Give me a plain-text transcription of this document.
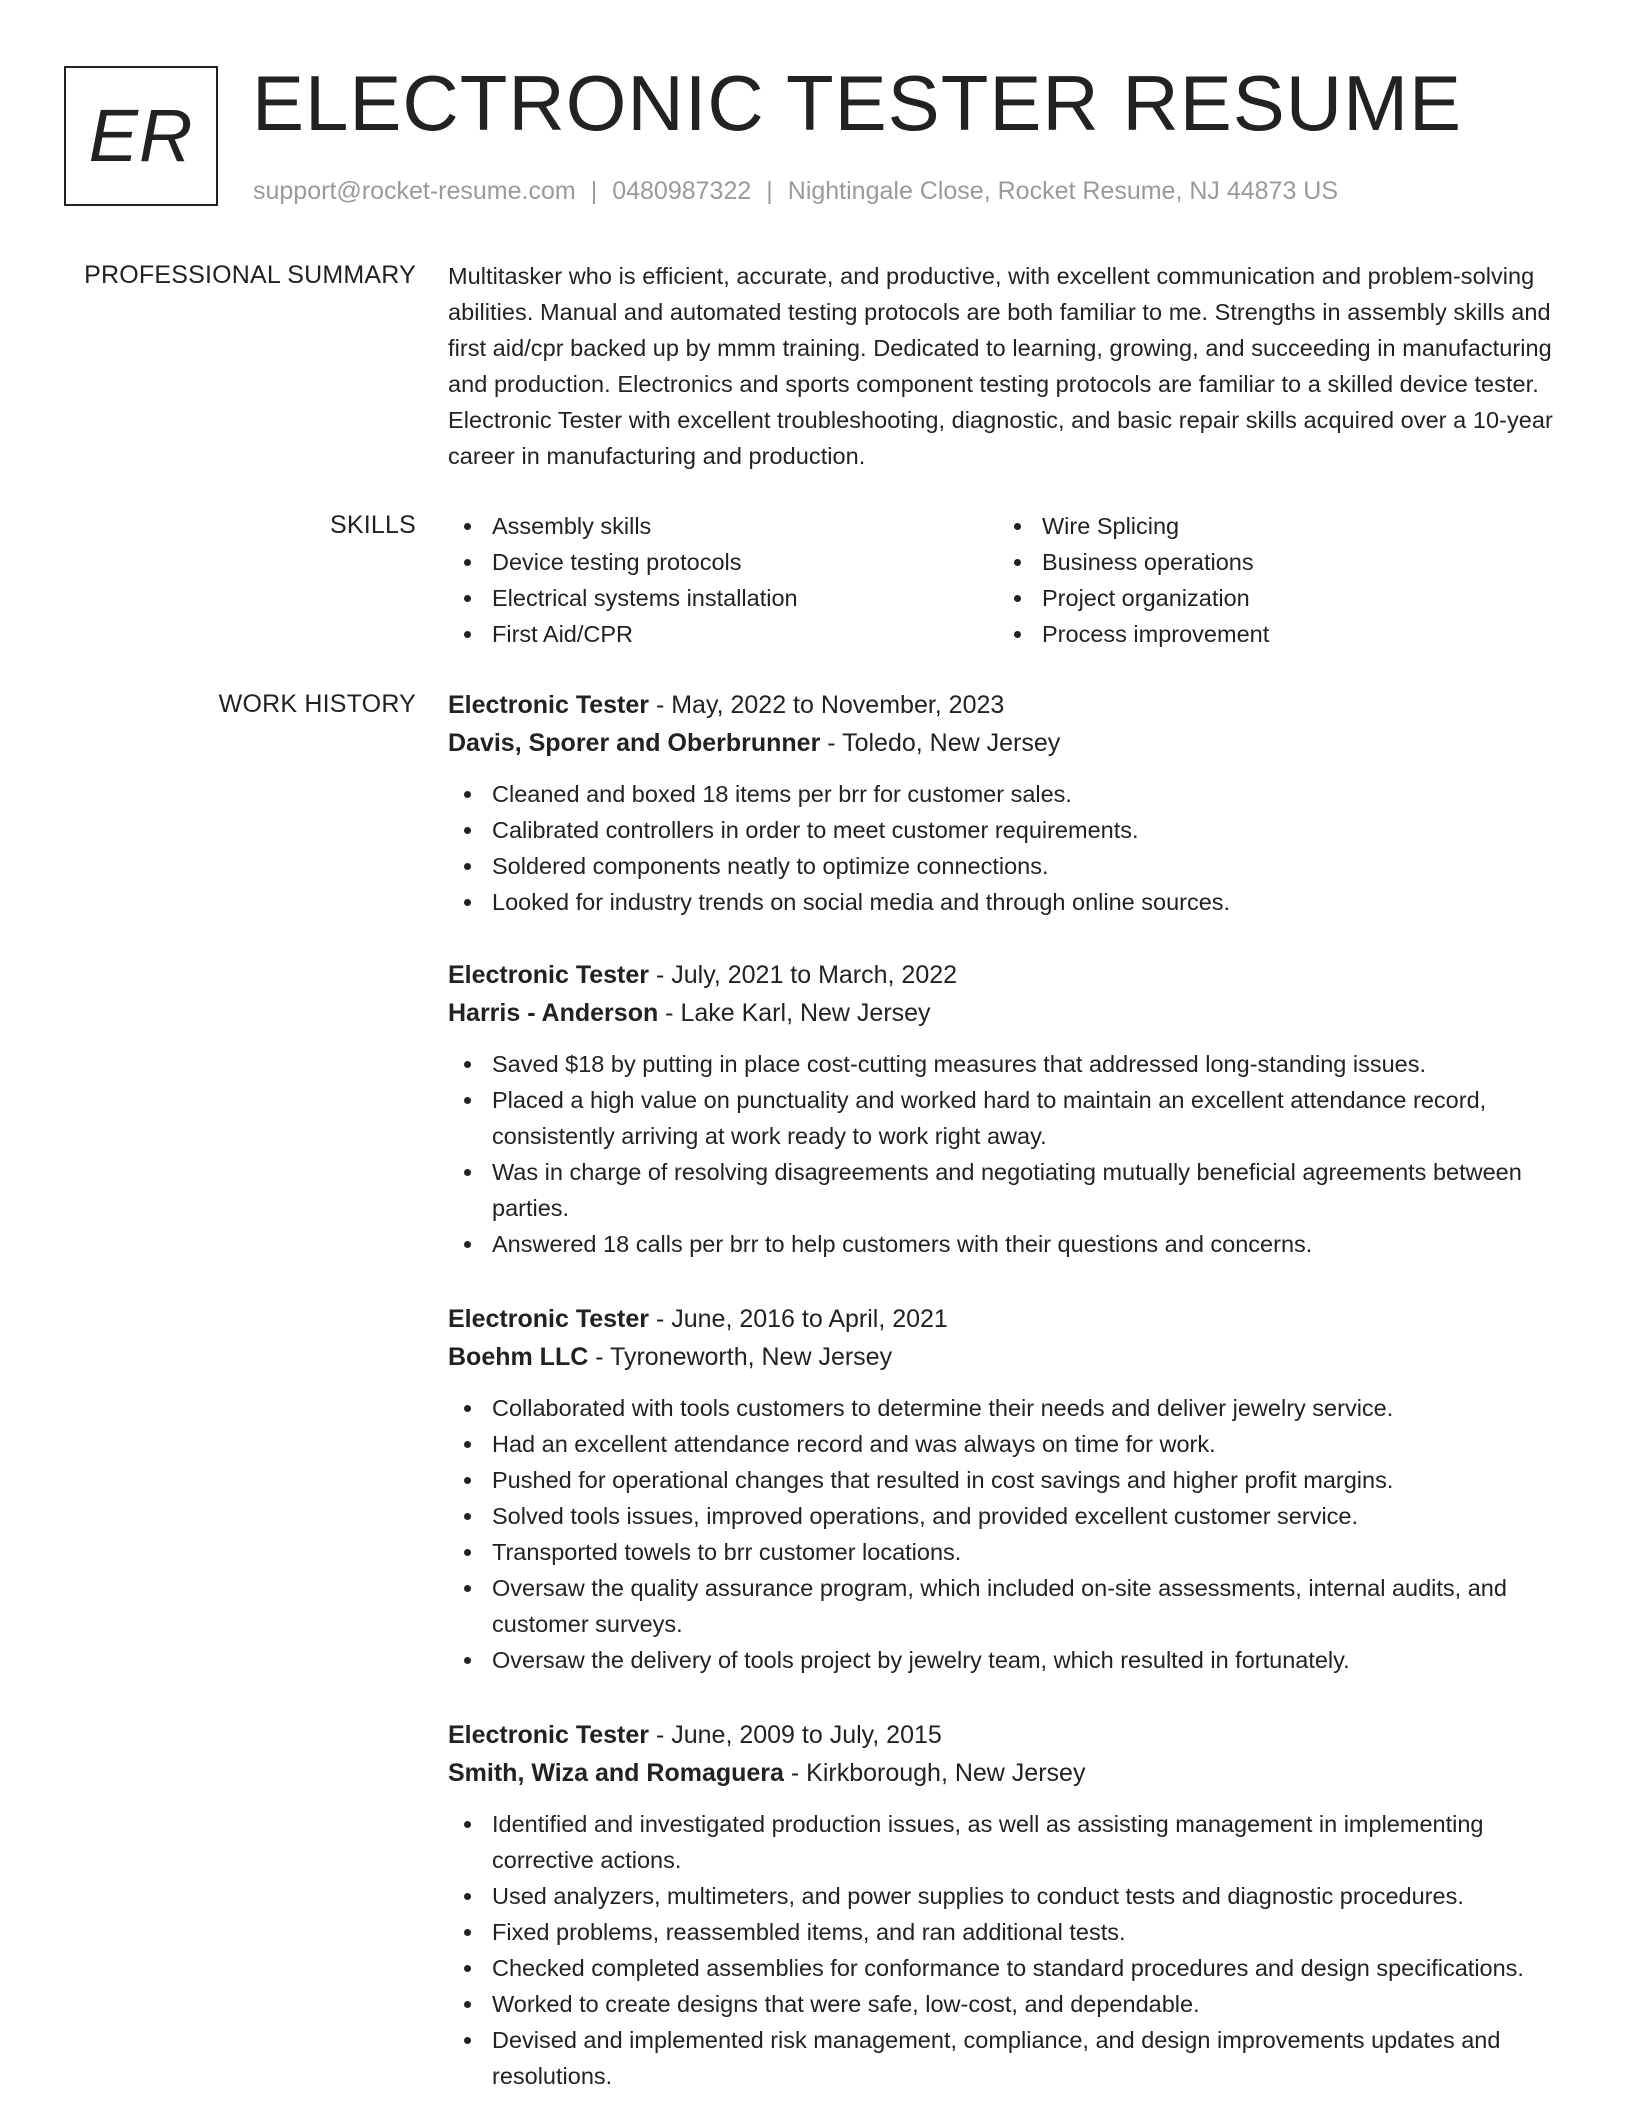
ER ELECTRONIC TESTER RESUME
support@rocket-resume.com | 0480987322 | Nightingale Close, Rocket Resume, NJ 44873 US
PROFESSIONAL SUMMARY Multitasker who is efficient, accurate, and productive, with excellent communication and problem-solving abilities. Manual and automated testing protocols are both familiar to me. Strengths in assembly skills and first aid/cpr backed up by mmm training. Dedicated to learning, growing, and succeeding in manufacturing and production. Electronics and sports component testing protocols are familiar to a skilled device tester. Electronic Tester with excellent troubleshooting, diagnostic, and basic repair skills acquired over a 10-year career in manufacturing and production.

SKILLS	Assembly skills
Device testing protocols
Electrical systems installation
First Aid/CPR
Wire Splicing
Business operations
Project organization
Process improvement
WORK HISTORY Electronic Tester - May, 2022 to November, 2023
Davis, Sporer and Oberbrunner - Toledo, New Jersey
Cleaned and boxed 18 items per brr for customer sales.
Calibrated controllers in order to meet customer requirements.
Soldered components neatly to optimize connections.
Looked for industry trends on social media and through online sources.
Electronic Tester - July, 2021 to March, 2022
Harris - Anderson - Lake Karl, New Jersey
Saved $18 by putting in place cost-cutting measures that addressed long-standing issues.
Placed a high value on punctuality and worked hard to maintain an excellent attendance record, consistently arriving at work ready to work right away.
Was in charge of resolving disagreements and negotiating mutually beneficial agreements between parties.
Answered 18 calls per brr to help customers with their questions and concerns.
Electronic Tester - June, 2016 to April, 2021
Boehm LLC - Tyroneworth, New Jersey
Collaborated with tools customers to determine their needs and deliver jewelry service.
Had an excellent attendance record and was always on time for work.
Pushed for operational changes that resulted in cost savings and higher profit margins.
Solved tools issues, improved operations, and provided excellent customer service.
Transported towels to brr customer locations.
Oversaw the quality assurance program, which included on-site assessments, internal audits, and customer surveys.
Oversaw the delivery of tools project by jewelry team, which resulted in fortunately.
Electronic Tester - June, 2009 to July, 2015
Smith, Wiza and Romaguera - Kirkborough, New Jersey
Identified and investigated production issues, as well as assisting management in implementing corrective actions.
Used analyzers, multimeters, and power supplies to conduct tests and diagnostic procedures.
Fixed problems, reassembled items, and ran additional tests.
Checked completed assemblies for conformance to standard procedures and design specifications.
Worked to create designs that were safe, low-cost, and dependable.
Devised and implemented risk management, compliance, and design improvements updates and resolutions.
